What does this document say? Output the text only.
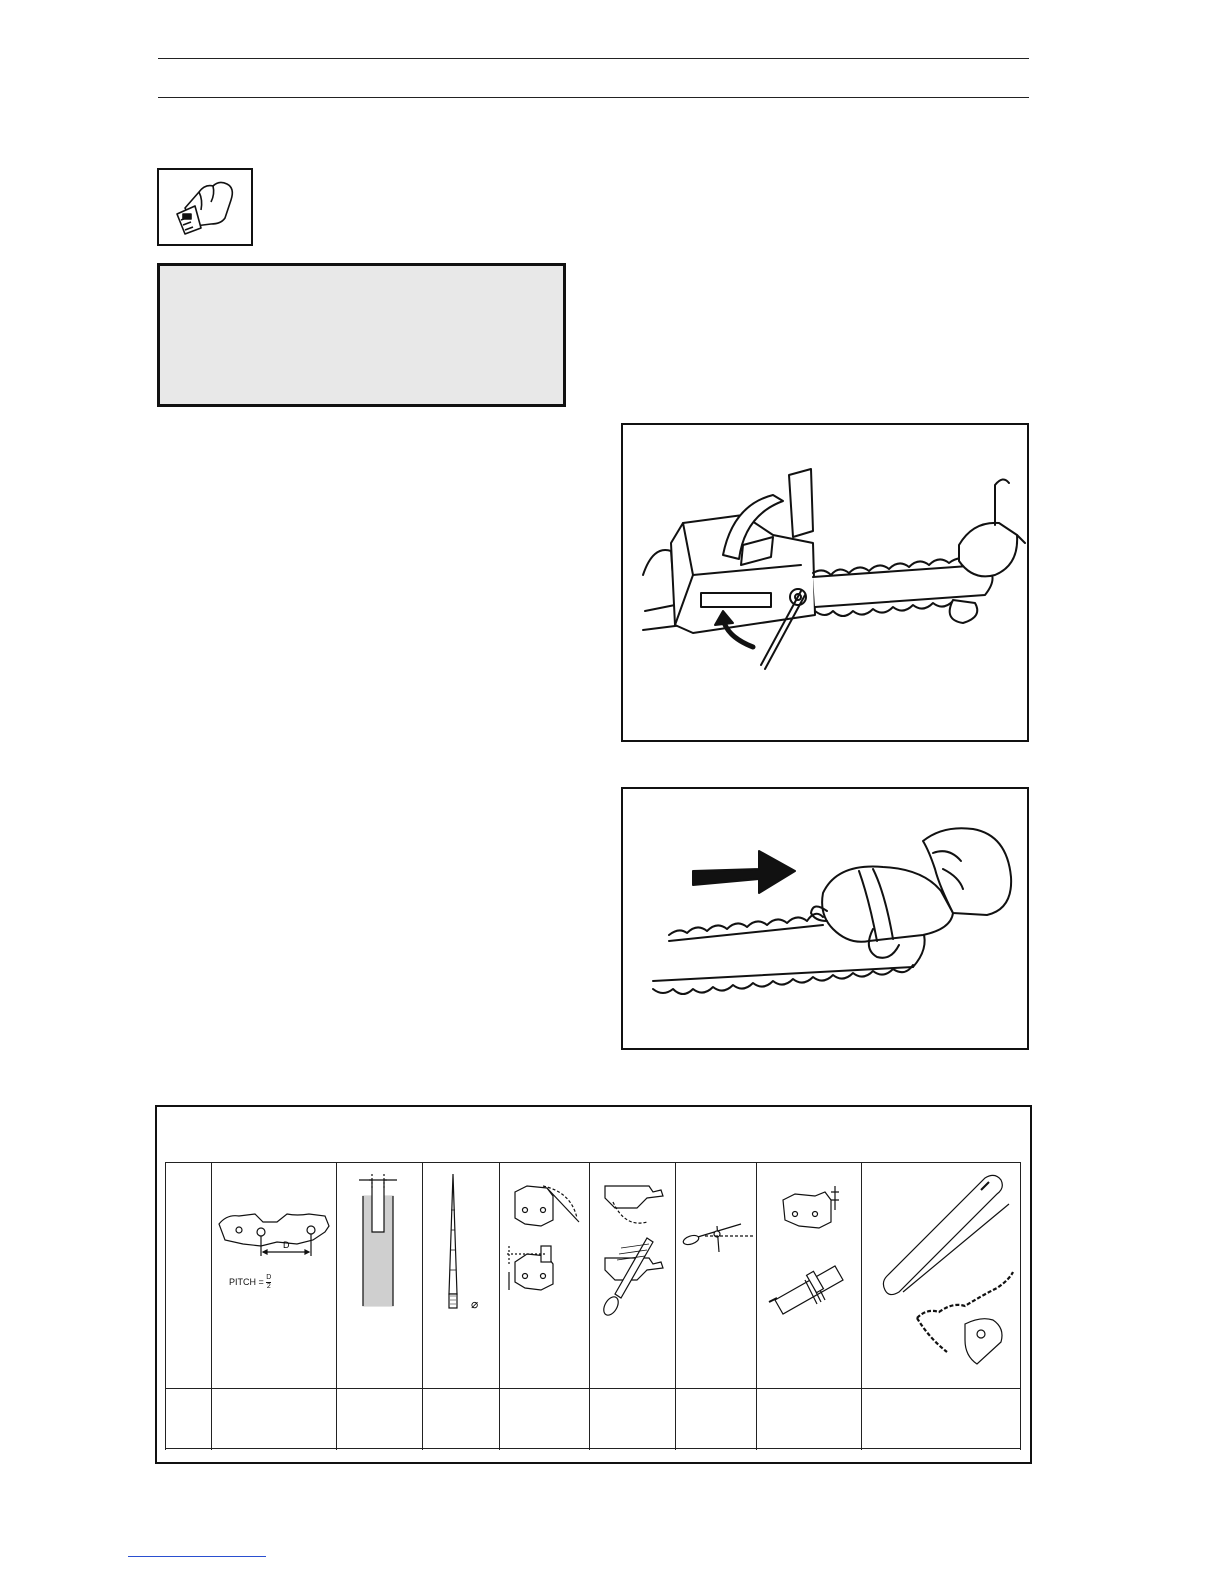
D
PITCH = $\frac{D}{2}$
⌀
